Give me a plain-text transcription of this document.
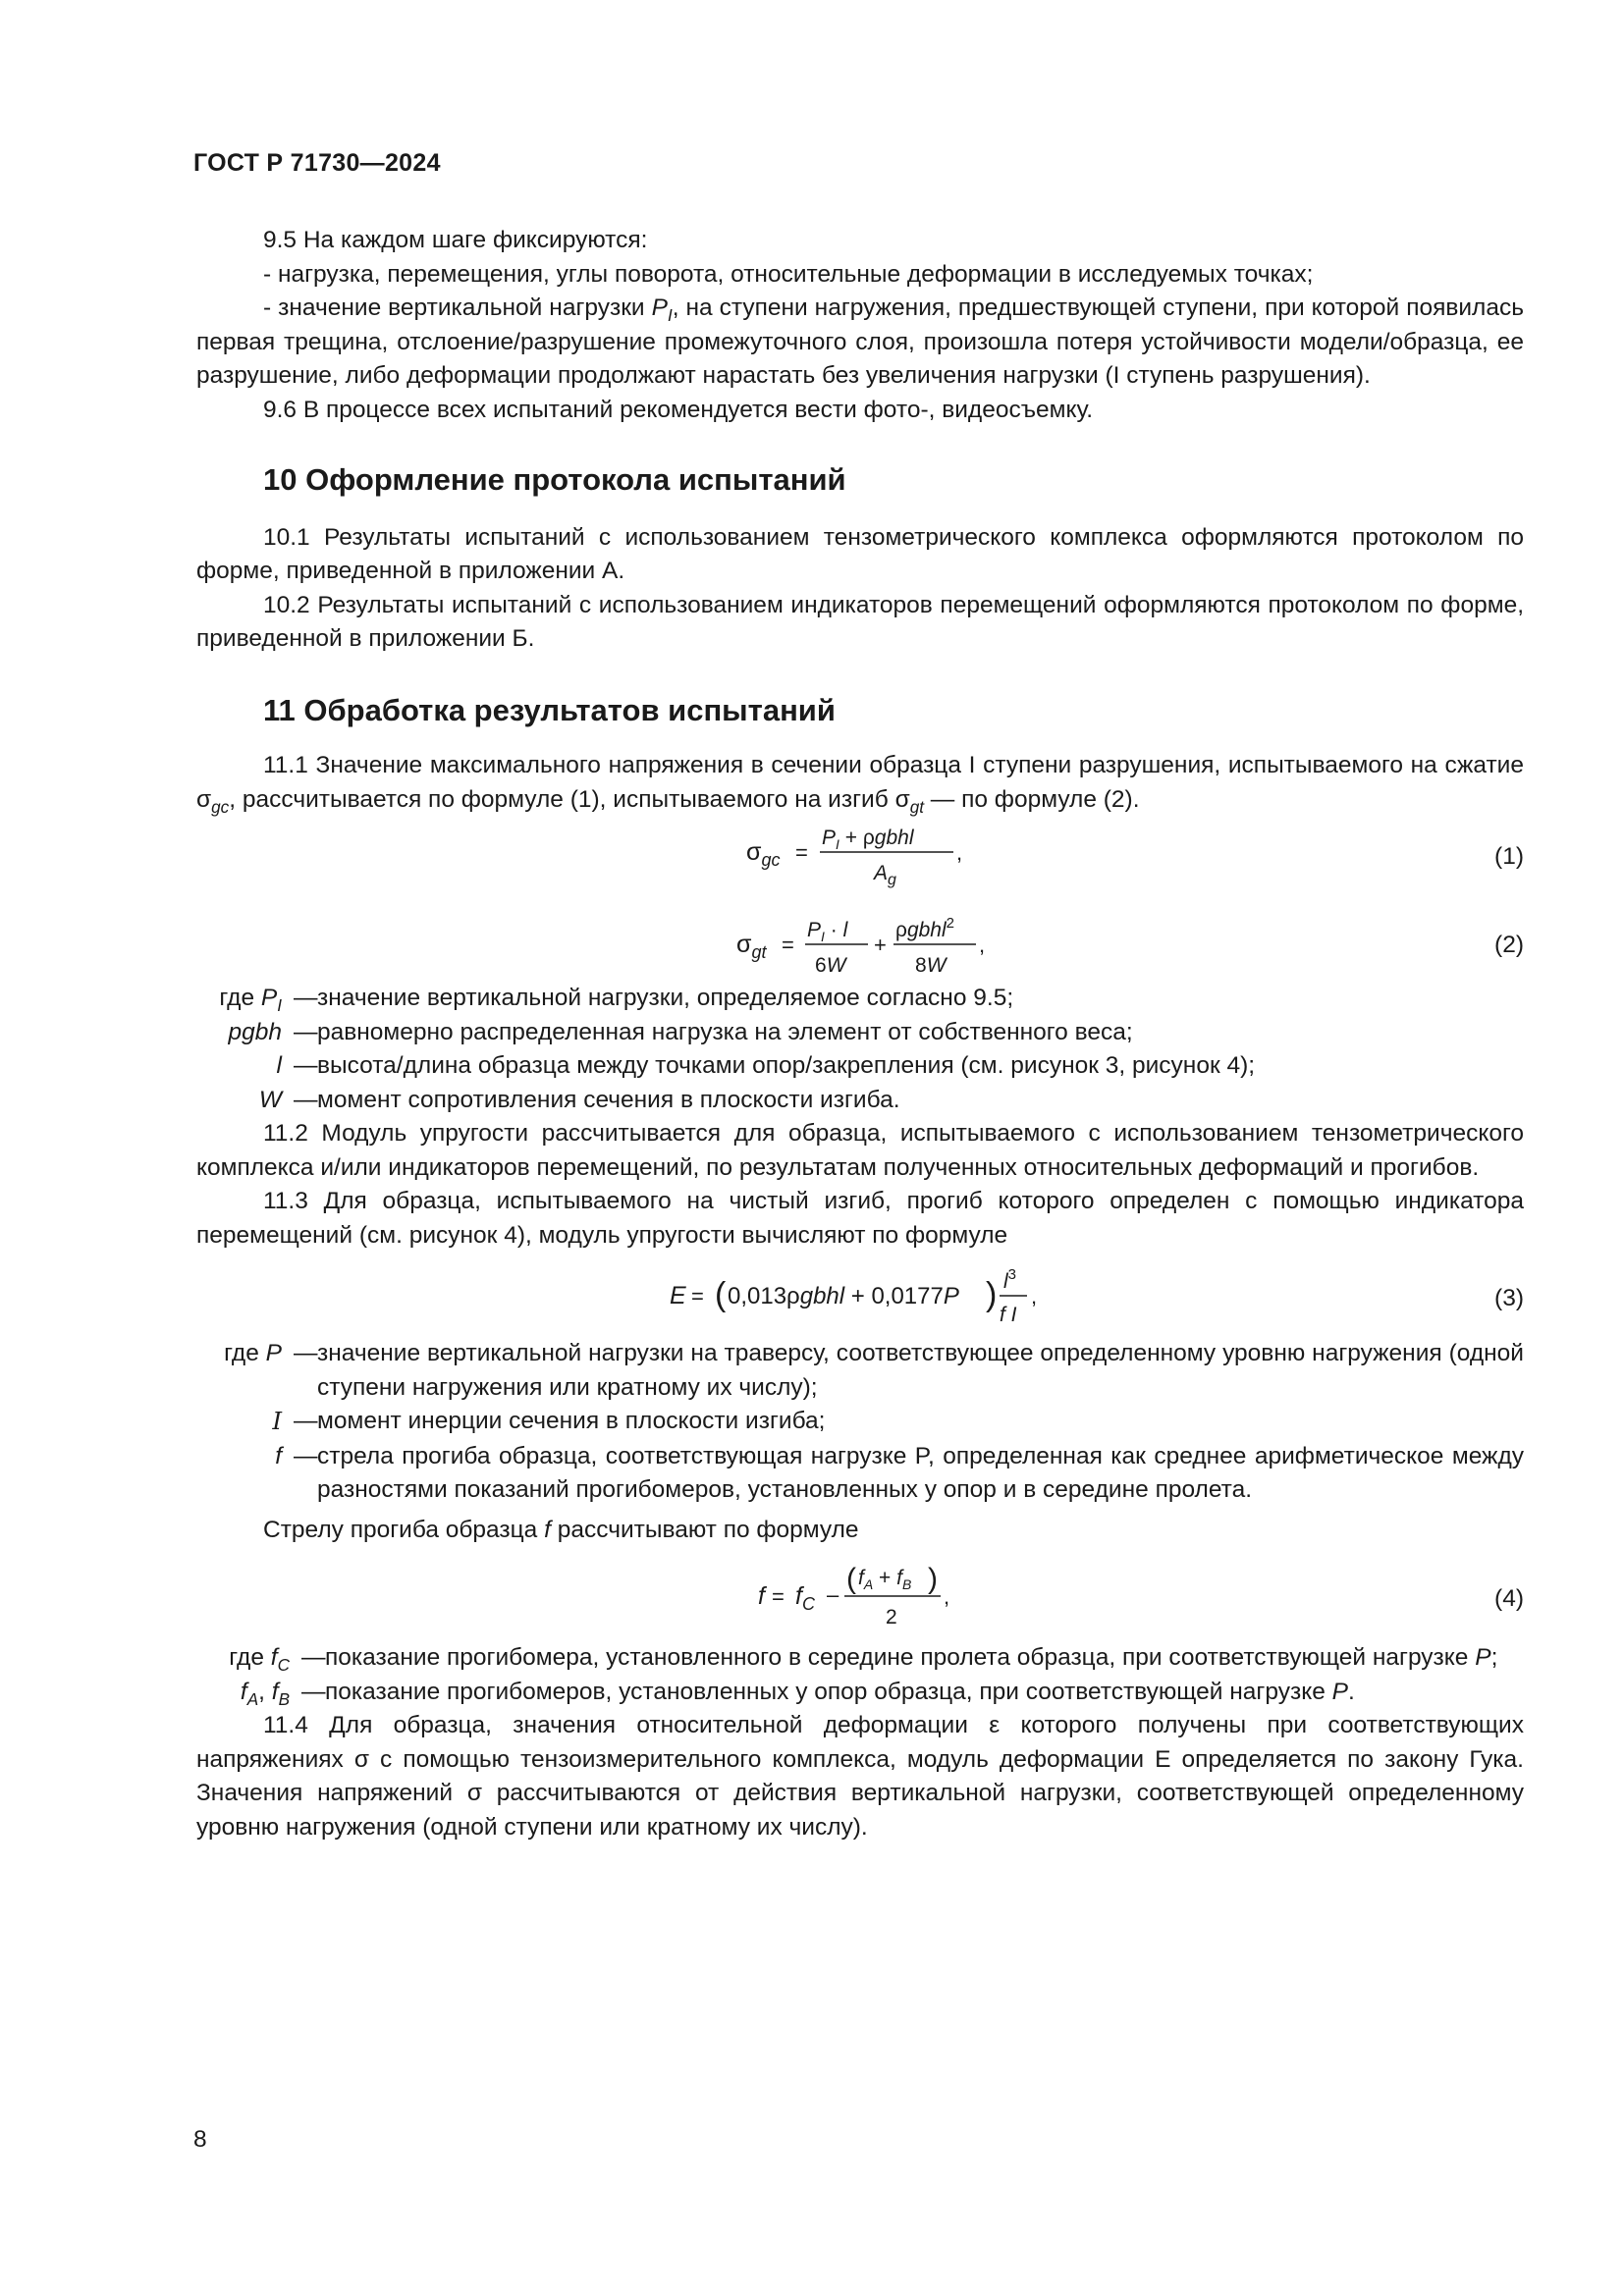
ГОСТ Р 71730—2024

9.5 На каждом шаге фиксируются:

- нагрузка, перемещения, углы поворота, относительные деформации в исследуемых точках;

- значение вертикальной нагрузки $P_I$, на ступени нагружения, предшествующей ступени, при которой появилась первая трещина, отслоение/разрушение промежуточного слоя, произошла потеря устойчивости модели/образца, ее разрушение, либо деформации продолжают нарастать без увеличения нагрузки (I ступень разрушения).

9.6 В процессе всех испытаний рекомендуется вести фото-, видеосъемку.

10 Оформление протокола испытаний

10.1 Результаты испытаний с использованием тензометрического комплекса оформляются протоколом по форме, приведенной в приложении А.

10.2 Результаты испытаний с использованием индикаторов перемещений оформляются протоколом по форме, приведенной в приложении Б.

11 Обработка результатов испытаний

11.1 Значение максимального напряжения в сечении образца I ступени разрушения, испытываемого на сжатие $\sigma_{gc}$, рассчитывается по формуле (1), испытываемого на изгиб $\sigma_{gt}$ — по формуле (2).

$\sigma_{gc}$ =
$P_I$ + ρgbhl
$A_g$
,	(1)
$\sigma_{gt}$ =
$P_I \cdot l$
6W
+
ρgbhl$^2$
8W
,	(2)
где $P_I$ — значение вертикальной нагрузки, определяемое согласно 9.5;
pgbh — равномерно распределенная нагрузка на элемент от собственного веса;
l — высота/длина образца между точками опор/закрепления (см. рисунок 3, рисунок 4);
W — момент сопротивления сечения в плоскости изгиба.

11.2 Модуль упругости рассчитывается для образца, испытываемого с использованием тензометрического комплекса и/или индикаторов перемещений, по результатам полученных относительных деформаций и прогибов.

11.3 Для образца, испытываемого на чистый изгиб, прогиб которого определен с помощью индикатора перемещений (см. рисунок 4), модуль упругости вычисляют по формуле

E = ( 0,013ρgbhl + 0,0177P ) $l^3$
f I
,	(3)
где P — значение вертикальной нагрузки на траверсу, соответствующее определенному уровню нагружения (одной ступени нагружения или кратному их числу);
I — момент инерции сечения в плоскости изгиба;
f — стрела прогиба образца, соответствующая нагрузке P, определенная как среднее арифметическое между разностями показаний прогибомеров, установленных у опор и в середине пролета.

Стрелу прогиба образца f рассчитывают по формуле

$f = f_C$ – ( $f_A + f_B$ )
2
,	(4)
где $f_C$ — показание прогибомера, установленного в середине пролета образца, при соответствующей нагрузке P;
$f_A$, $f_B$ — показание прогибомеров, установленных у опор образца, при соответствующей нагрузке P.

11.4 Для образца, значения относительной деформации ε которого получены при соответствующих напряжениях σ с помощью тензоизмерительного комплекса, модуль деформации E определяется по закону Гука. Значения напряжений σ рассчитываются от действия вертикальной нагрузки, соответствующей определенному уровню нагружения (одной ступени или кратному их числу).

8
